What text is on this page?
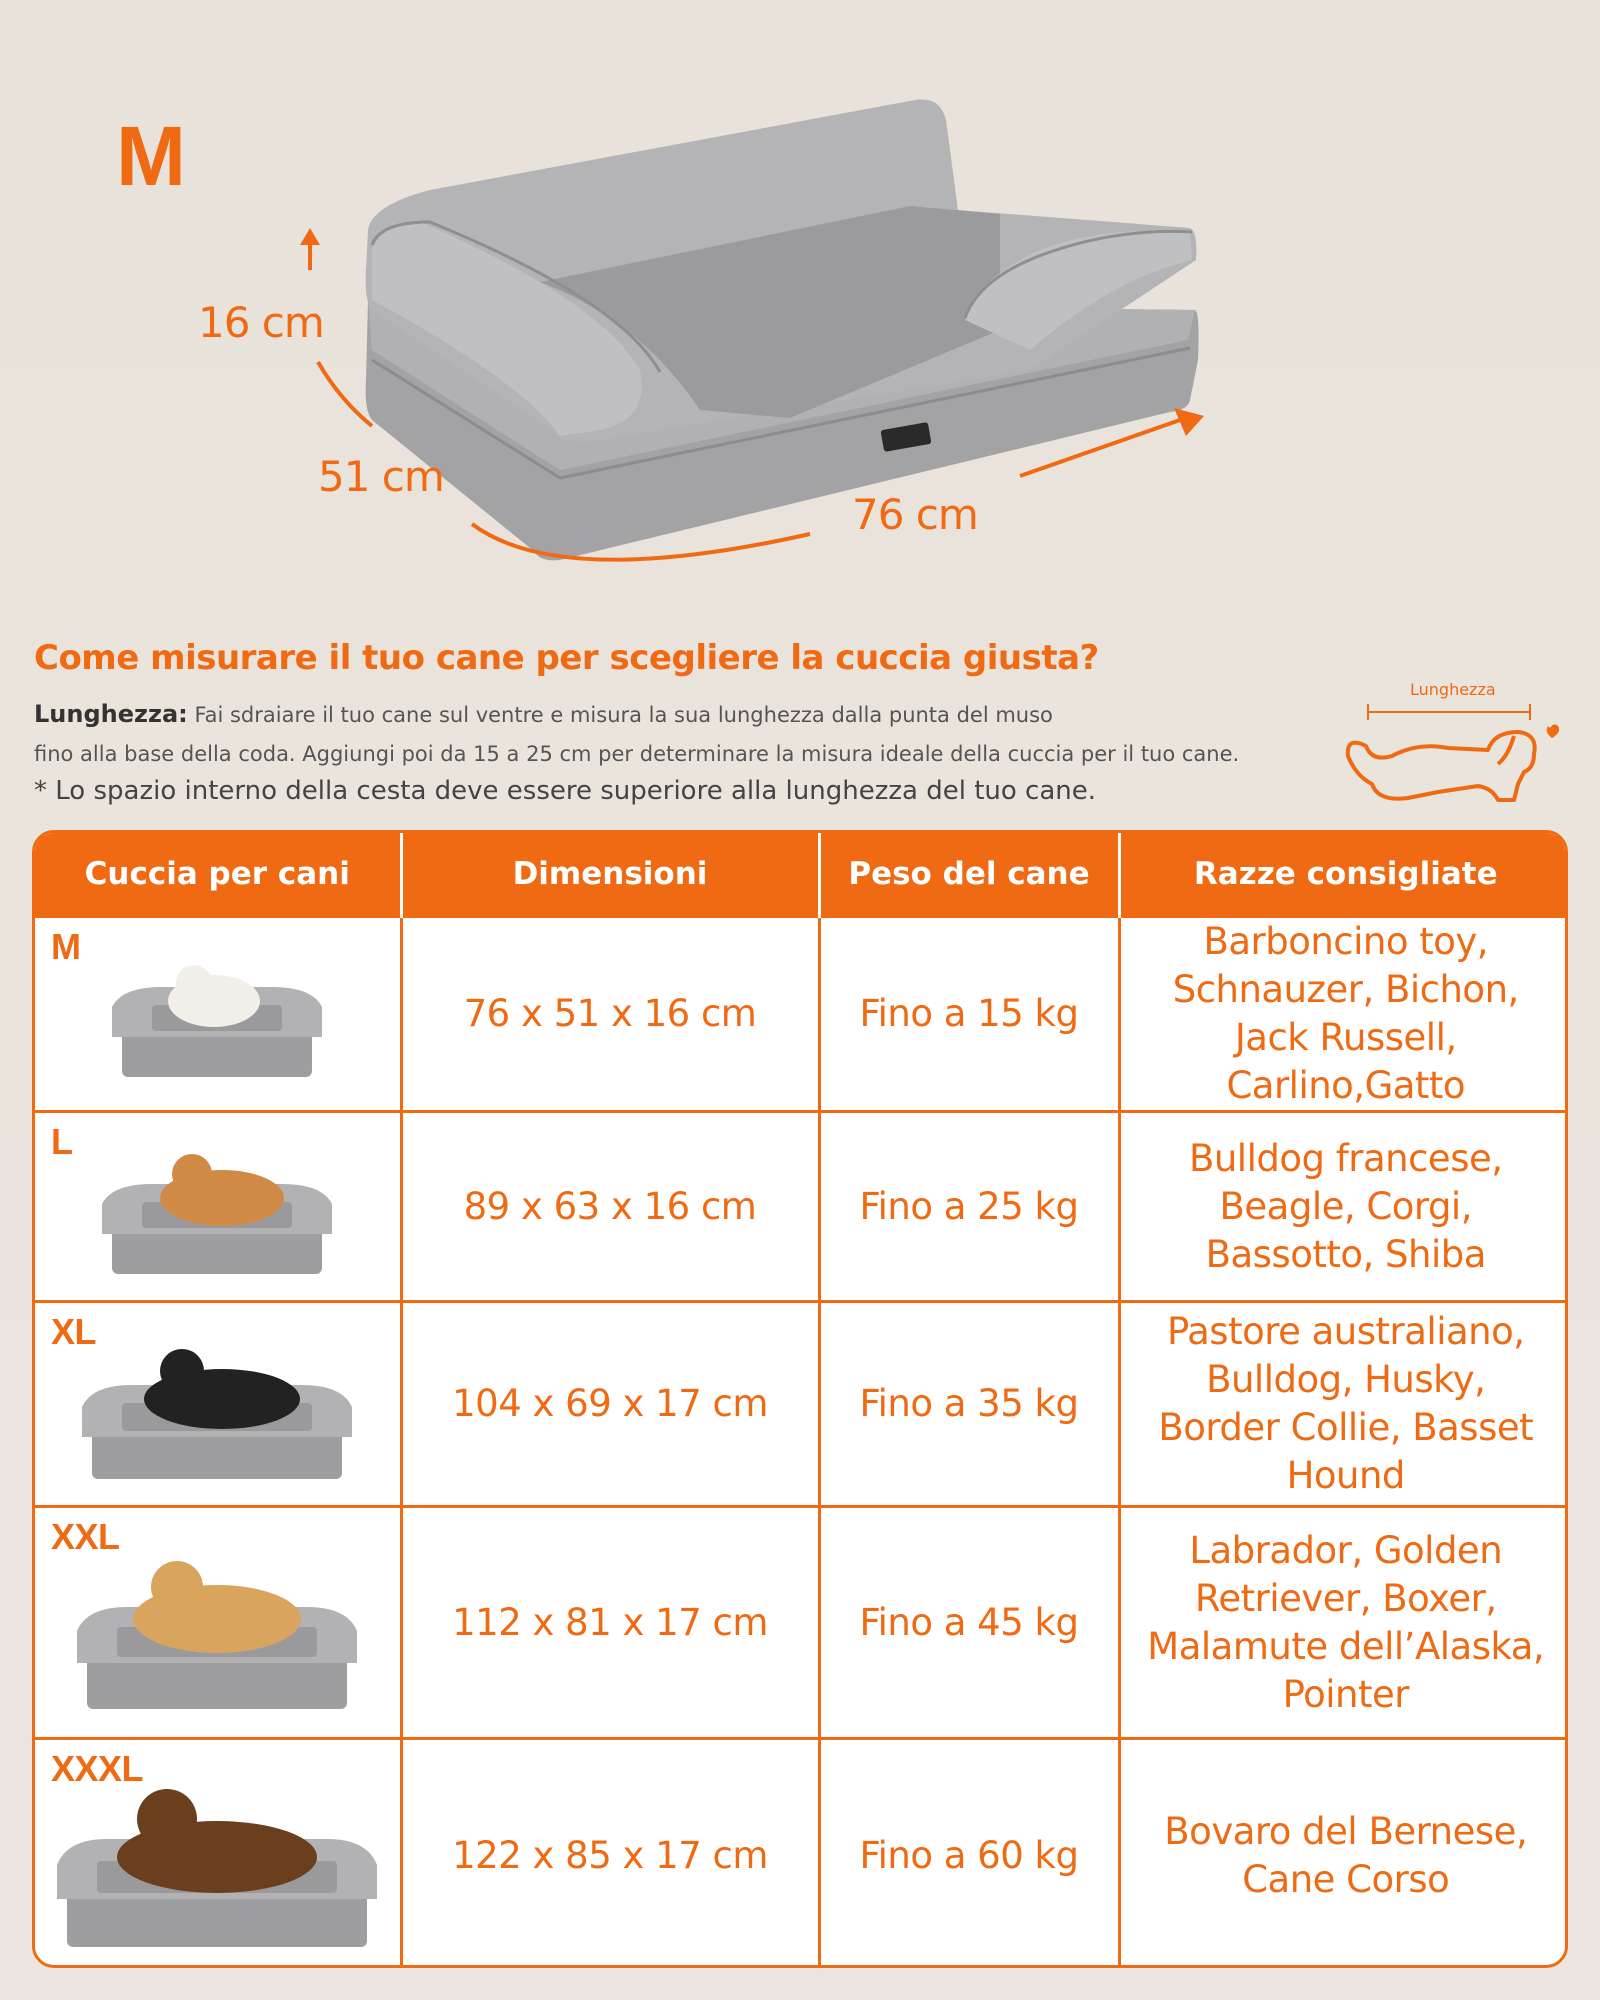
M
16 cm
51 cm
76 cm
Come misurare il tuo cane per scegliere la cuccia giusta?

Lunghezza: Fai sdraiare il tuo cane sul ventre e misura la sua lunghezza dalla punta del muso

fino alla base della coda. Aggiungi poi da 15 a 25 cm per determinare la misura ideale della cuccia per il tuo cane.

* Lo spazio interno della cesta deve essere superiore alla lunghezza del tuo cane.

Lunghezza
Cuccia per cani	Dimensioni	Peso del cane	Razze consigliate

M	76 x 51 x 16 cm	Fino a 15 kg	Barboncino toy, Schnauzer, Bichon, Jack Russell, Carlino,Gatto

L	89 x 63 x 16 cm	Fino a 25 kg	Bulldog francese, Beagle, Corgi, Bassotto, Shiba

XL	104 x 69 x 17 cm	Fino a 35 kg	Pastore australiano, Bulldog, Husky, Border Collie, Basset Hound

XXL	112 x 81 x 17 cm	Fino a 45 kg	Labrador, Golden Retriever, Boxer, Malamute dell’Alaska, Pointer

XXXL	122 x 85 x 17 cm	Fino a 60 kg	Bovaro del Bernese, Cane Corso
